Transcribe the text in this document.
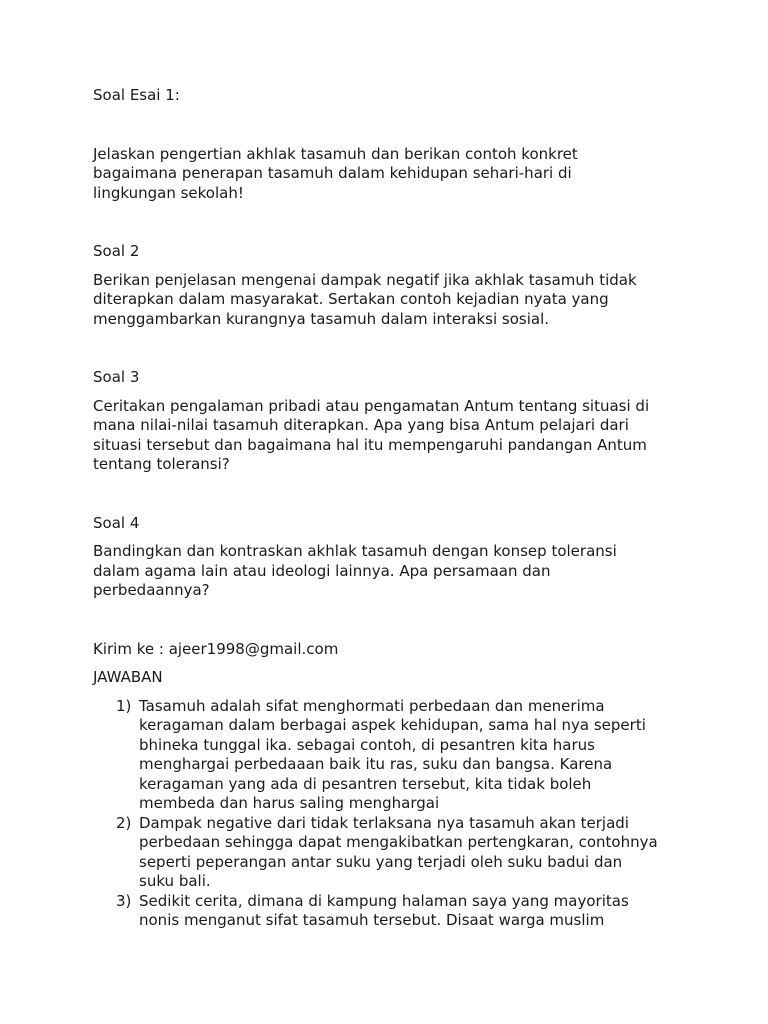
Soal Esai 1:

Jelaskan pengertian akhlak tasamuh dan berikan contoh konkret
bagaimana penerapan tasamuh dalam kehidupan sehari-hari di
lingkungan sekolah!

Soal 2

Berikan penjelasan mengenai dampak negatif jika akhlak tasamuh tidak
diterapkan dalam masyarakat. Sertakan contoh kejadian nyata yang
menggambarkan kurangnya tasamuh dalam interaksi sosial.

Soal 3

Ceritakan pengalaman pribadi atau pengamatan Antum tentang situasi di
mana nilai-nilai tasamuh diterapkan. Apa yang bisa Antum pelajari dari
situasi tersebut dan bagaimana hal itu mempengaruhi pandangan Antum
tentang toleransi?

Soal 4

Bandingkan dan kontraskan akhlak tasamuh dengan konsep toleransi
dalam agama lain atau ideologi lainnya. Apa persamaan dan
perbedaannya?

Kirim ke : ajeer1998@gmail.com

JAWABAN

1) Tasamuh adalah sifat menghormati perbedaan dan menerima
keragaman dalam berbagai aspek kehidupan, sama hal nya seperti
bhineka tunggal ika. sebagai contoh, di pesantren kita harus
menghargai perbedaaan baik itu ras, suku dan bangsa. Karena
keragaman yang ada di pesantren tersebut, kita tidak boleh
membeda dan harus saling menghargai
2) Dampak negative dari tidak terlaksana nya tasamuh akan terjadi
perbedaan sehingga dapat mengakibatkan pertengkaran, contohnya
seperti peperangan antar suku yang terjadi oleh suku badui dan
suku bali.
3) Sedikit cerita, dimana di kampung halaman saya yang mayoritas
nonis menganut sifat tasamuh tersebut. Disaat warga muslim
